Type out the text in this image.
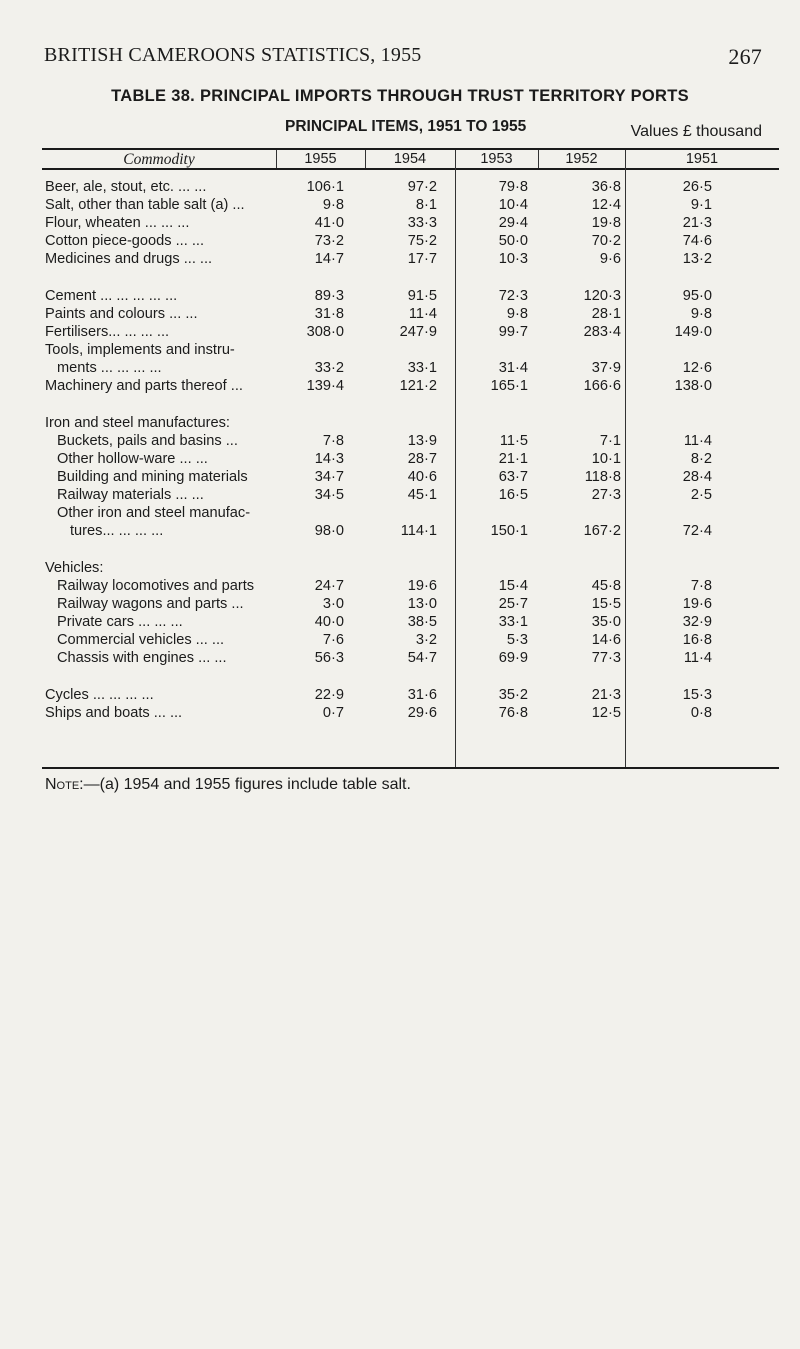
BRITISH CAMEROONS STATISTICS, 1955	267
TABLE 38. PRINCIPAL IMPORTS THROUGH TRUST TERRITORY PORTS
PRINCIPAL ITEMS, 1951 TO 1955	Values £ thousand
Commodity	1955	1954	1953	1952	1951
Beer, ale, stout, etc. ... ...	106·1	97·2	79·8	36·8	26·5
Salt, other than table salt (a) ...	9·8	8·1	10·4	12·4	9·1
Flour, wheaten ... ... ...	41·0	33·3	29·4	19·8	21·3
Cotton piece-goods ... ...	73·2	75·2	50·0	70·2	74·6
Medicines and drugs ... ...	14·7	17·7	10·3	9·6	13·2
Cement ... ... ... ... ...	89·3	91·5	72·3	120·3	95·0
Paints and colours ... ...	31·8	11·4	9·8	28·1	9·8
Fertilisers... ... ... ...	308·0	247·9	99·7	283·4	149·0
Tools, implements and instru-
ments ... ... ... ...	33·2	33·1	31·4	37·9	12·6
Machinery and parts thereof ...	139·4	121·2	165·1	166·6	138·0
Iron and steel manufactures:
Buckets, pails and basins ...	7·8	13·9	11·5	7·1	11·4
Other hollow-ware ... ...	14·3	28·7	21·1	10·1	8·2
Building and mining materials	34·7	40·6	63·7	118·8	28·4
Railway materials ... ...	34·5	45·1	16·5	27·3	2·5
Other iron and steel manufac-
tures... ... ... ...	98·0	114·1	150·1	167·2	72·4
Vehicles:
Railway locomotives and parts	24·7	19·6	15·4	45·8	7·8
Railway wagons and parts ...	3·0	13·0	25·7	15·5	19·6
Private cars ... ... ...	40·0	38·5	33·1	35·0	32·9
Commercial vehicles ... ...	7·6	3·2	5·3	14·6	16·8
Chassis with engines ... ...	56·3	54·7	69·9	77·3	11·4
Cycles ... ... ... ...	22·9	31·6	35·2	21·3	15·3
Ships and boats ... ...	0·7	29·6	76·8	12·5	0·8
Note:—(a) 1954 and 1955 figures include table salt.
